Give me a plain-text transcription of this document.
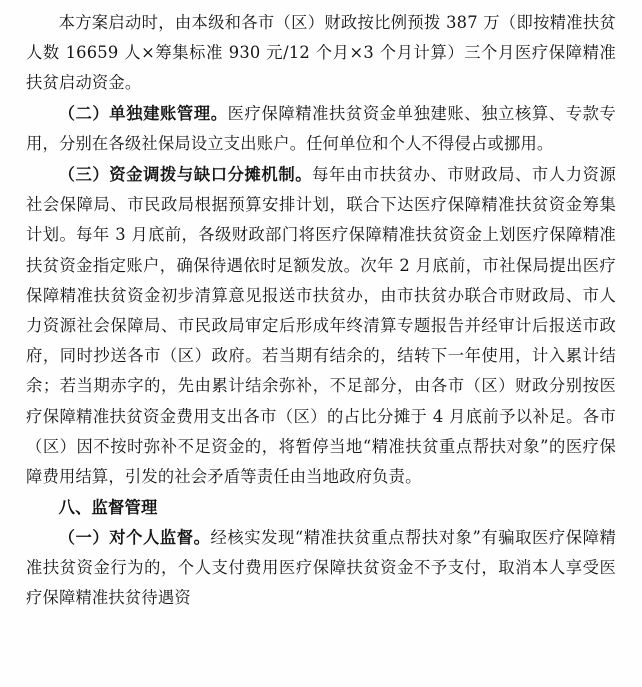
本方案启动时，由本级和各市（区）财政按比例预拨 387 万（即按精准扶贫人数 16659 人×筹集标准 930 元/12 个月×3 个月计算）三个月医疗保障精准扶贫启动资金。

（二）单独建账管理。医疗保障精准扶贫资金单独建账、独立核算、专款专用，分别在各级社保局设立支出账户。任何单位和个人不得侵占或挪用。

（三）资金调拨与缺口分摊机制。每年由市扶贫办、市财政局、市人力资源社会保障局、市民政局根据预算安排计划，联合下达医疗保障精准扶贫资金筹集计划。每年 3 月底前，各级财政部门将医疗保障精准扶贫资金上划医疗保障精准扶贫资金指定账户，确保待遇依时足额发放。次年 2 月底前，市社保局提出医疗保障精准扶贫资金初步清算意见报送市扶贫办，由市扶贫办联合市财政局、市人力资源社会保障局、市民政局审定后形成年终清算专题报告并经审计后报送市政府，同时抄送各市（区）政府。若当期有结余的，结转下一年使用，计入累计结余；若当期赤字的，先由累计结余弥补，不足部分，由各市（区）财政分别按医疗保障精准扶贫资金费用支出各市（区）的占比分摊于 4 月底前予以补足。各市（区）因不按时弥补不足资金的，将暂停当地“精准扶贫重点帮扶对象”的医疗保障费用结算，引发的社会矛盾等责任由当地政府负责。

八、监督管理

（一）对个人监督。经核实发现“精准扶贫重点帮扶对象”有骗取医疗保障精准扶贫资金行为的，个人支付费用医疗保障扶贫资金不予支付，取消本人享受医疗保障精准扶贫待遇资
